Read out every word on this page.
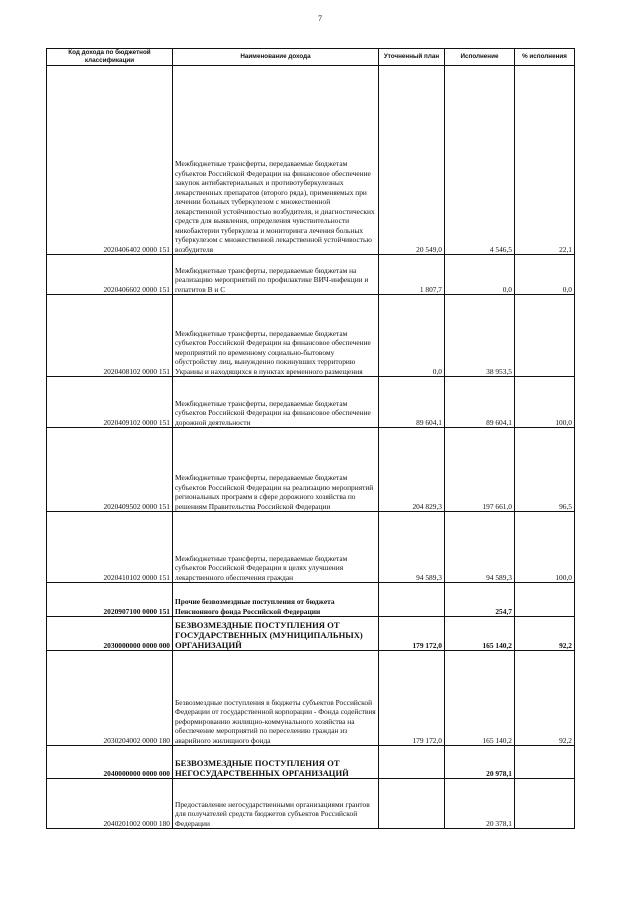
7
Код дохода по бюджетной классификации	Наименование дохода	Уточненный план	Исполнение	% исполнения
2020406402 0000 151	Межбюджетные трансферты, передаваемые бюджетам субъектов Российской Федерации на финансовое обеспечение закупок антибактериальных и противотуберкулезных лекарственных препаратов (второго ряда), применяемых при лечении больных туберкулезом с множественной лекарственной устойчивостью возбудителя, и диагностических средств для выявления, определения чувствительности микобактерии туберкулеза и мониторинга лечения больных туберкулезом с множественной лекарственной устойчивостью возбудителя	20 549,0	4 546,5	22,1
2020406602 0000 151	Межбюджетные трансферты, передаваемые бюджетам на реализацию мероприятий по профилактике ВИЧ-инфекции и гепатитов В и С	1 807,7	0,0	0,0
2020408102 0000 151	Межбюджетные трансферты, передаваемые бюджетам субъектов Российской Федерации на финансовое обеспечение мероприятий по временному социально-бытовому обустройству лиц, вынужденно покинувших территорию Украины и находящихся в пунктах временного размещения	0,0	38 953,5	
2020409102 0000 151	Межбюджетные трансферты, передаваемые бюджетам субъектов Российской Федерации на финансовое обеспечение дорожной деятельности	89 604,1	89 604,1	100,0
2020409502 0000 151	Межбюджетные трансферты, передаваемые бюджетам субъектов Российской Федерации на реализацию мероприятий региональных программ в сфере дорожного хозяйства по решениям Правительства Российской Федерации	204 829,3	197 661,0	96,5
2020410102 0000 151	Межбюджетные трансферты, передаваемые бюджетам субъектов Российской Федерации в целях улучшения лекарственного обеспечения граждан	94 589,3	94 589,3	100,0
2020907100 0000 151	Прочие безвозмездные поступления от бюджета Пенсионного фонда Российской Федерации		254,7	
2030000000 0000 000	БЕЗВОЗМЕЗДНЫЕ ПОСТУПЛЕНИЯ ОТ ГОСУДАРСТВЕННЫХ (МУНИЦИПАЛЬНЫХ) ОРГАНИЗАЦИЙ	179 172,0	165 140,2	92,2
2030204002 0000 180	Безвозмездные поступления в бюджеты субъектов Российской Федерации от государственной корпорации - Фонда содействия реформированию жилищно-коммунального хозяйства на обеспечение мероприятий по переселению граждан из аварийного жилищного фонда	179 172,0	165 140,2	92,2
2040000000 0000 000	БЕЗВОЗМЕЗДНЫЕ ПОСТУПЛЕНИЯ ОТ НЕГОСУДАРСТВЕННЫХ ОРГАНИЗАЦИЙ		20 978,1	
2040201002 0000 180	Предоставление негосударственными организациями грантов для получателей средств бюджетов субъектов Российской Федерации		20 378,1	
